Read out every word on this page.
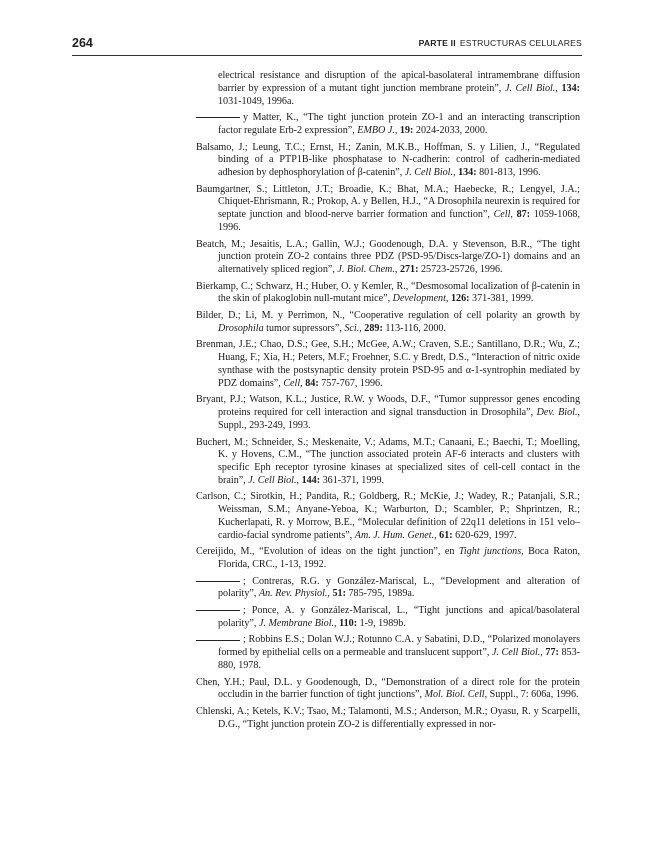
264	PARTE II ESTRUCTURAS CELULARES

electrical resistance and disruption of the apical-basolateral intramembrane diffusion barrier by expression of a mutant tight junction membrane protein”, J. Cell Biol., 134: 1031-1049, 1996a.

y Matter, K., “The tight junction protein ZO-1 and an interacting transcription factor regulate Erb-2 expression”, EMBO J., 19: 2024-2033, 2000.

Balsamo, J.; Leung, T.C.; Ernst, H.; Zanin, M.K.B., Hoffman, S. y Lilien, J., “Regulated binding of a PTP1B-like phosphatase to N-cadherin: control of cadherin-mediated adhesion by dephosphorylation of β-catenin”, J. Cell Biol., 134: 801-813, 1996.

Baumgartner, S.; Littleton, J.T.; Broadie, K.; Bhat, M.A.; Haebecke, R.; Lengyel, J.A.; Chiquet-Ehrismann, R.; Prokop, A. y Bellen, H.J., “A Drosophila neurexin is required for septate junction and blood-nerve barrier formation and function”, Cell, 87: 1059-1068, 1996.

Beatch, M.; Jesaitis, L.A.; Gallin, W.J.; Goodenough, D.A. y Stevenson, B.R., “The tight junction protein ZO-2 contains three PDZ (PSD-95/Discs-large/ZO-1) domains and an alternatively spliced region”, J. Biol. Chem., 271: 25723-25726, 1996.

Bierkamp, C.; Schwarz, H.; Huber, O. y Kemler, R., “Desmosomal localization of β-catenin in the skin of plakoglobin null-mutant mice”, Development, 126: 371-381, 1999.

Bilder, D.; Li, M. y Perrimon, N., “Cooperative regulation of cell polarity an growth by Drosophila tumor supressors”, Sci., 289: 113-116, 2000.

Brenman, J.E.; Chao, D.S.; Gee, S.H.; McGee, A.W.; Craven, S.E.; Santillano, D.R.; Wu, Z.; Huang, F.; Xia, H.; Peters, M.F.; Froehner, S.C. y Bredt, D.S., “Interaction of nitric oxide synthase with the postsynaptic density protein PSD-95 and α-1-syntrophin mediated by PDZ domains”, Cell, 84: 757-767, 1996.

Bryant, P.J.; Watson, K.L.; Justice, R.W. y Woods, D.F., “Tumor suppressor genes encoding proteins required for cell interaction and signal transduction in Drosophila”, Dev. Biol., Suppl., 293-249, 1993.

Buchert, M.; Schneider, S.; Meskenaite, V.; Adams, M.T.; Canaani, E.; Baechi, T.; Moelling, K. y Hovens, C.M., “The junction associated protein AF-6 interacts and clusters with specific Eph receptor tyrosine kinases at specialized sites of cell-cell contact in the brain”, J. Cell Biol., 144: 361-371, 1999.

Carlson, C.; Sirotkin, H.; Pandita, R.; Goldberg, R.; McKie, J.; Wadey, R.; Patanjali, S.R.; Weissman, S.M.; Anyane-Yeboa, K.; Warburton, D.; Scambler, P.; Shprintzen, R.; Kucherlapati, R. y Morrow, B.E., “Molecular definition of 22q11 deletions in 151 velo–cardio-facial syndrome patients”, Am. J. Hum. Genet., 61: 620-629, 1997.

Cereijido, M., “Evolution of ideas on the tight junction”, en Tight junctions, Boca Raton, Florida, CRC., 1-13, 1992.

; Contreras, R.G. y González-Mariscal, L., “Development and alteration of polarity”, An. Rev. Physiol., 51: 785-795, 1989a.

; Ponce, A. y González-Mariscal, L., “Tight junctions and apical/basolateral polarity”, J. Membrane Biol., 110: 1-9, 1989b.

; Robbins E.S.; Dolan W.J.; Rotunno C.A. y Sabatini, D.D., “Polarized monolayers formed by epithelial cells on a permeable and translucent support”, J. Cell Biol., 77: 853-880, 1978.

Chen, Y.H.; Paul, D.L. y Goodenough, D., “Demonstration of a direct role for the protein occludin in the barrier function of tight junctions”, Mol. Biol. Cell, Suppl., 7: 606a, 1996.

Chlenski, A.; Ketels, K.V.; Tsao, M.; Talamonti, M.S.; Anderson, M.R.; Oyasu, R. y Scarpelli, D.G., “Tight junction protein ZO-2 is differentially expressed in nor-
